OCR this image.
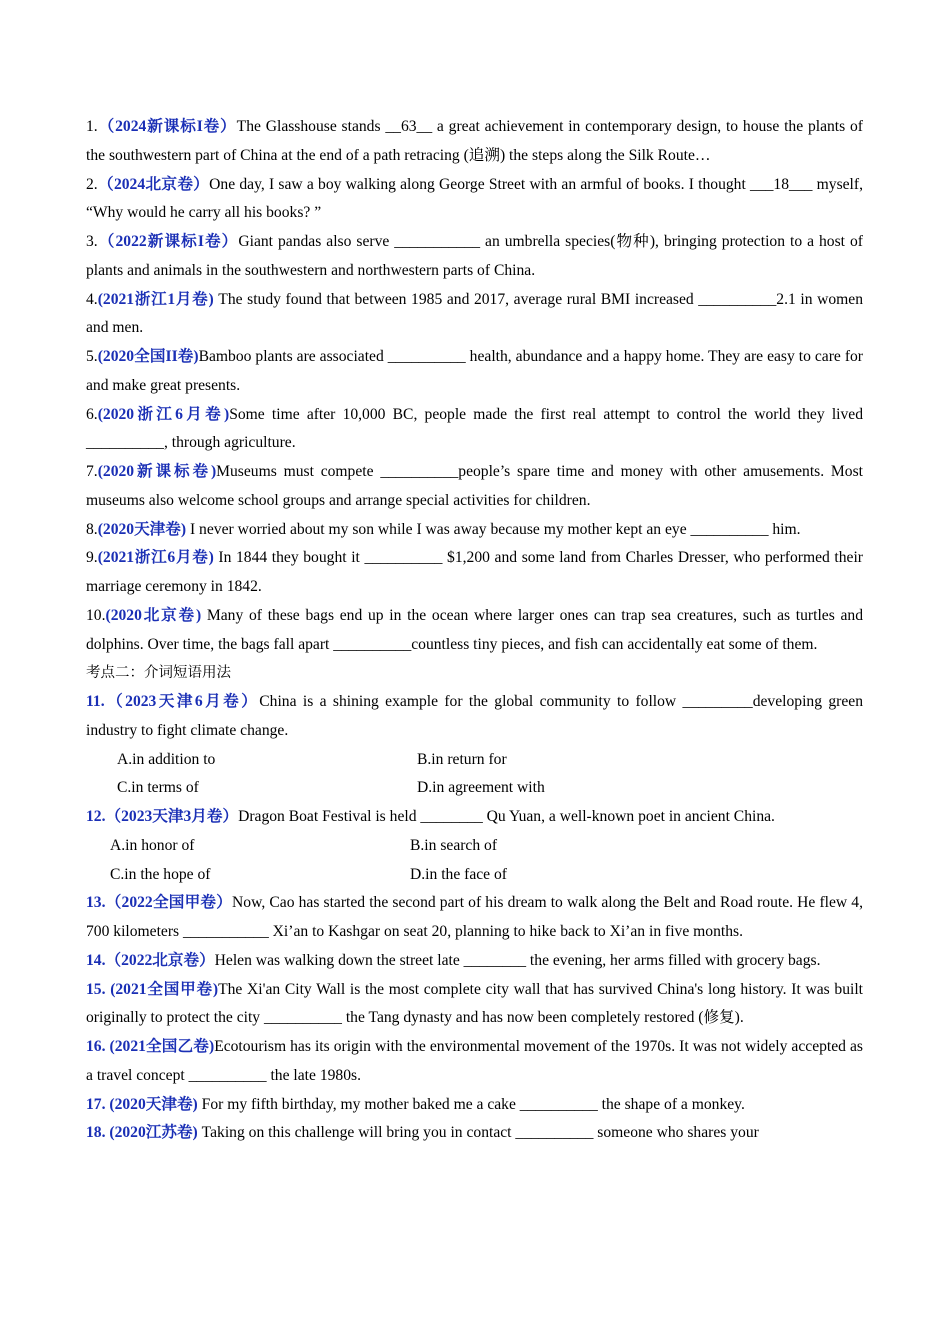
1.（2024新课标I卷）The Glasshouse stands __63__ a great achievement in contemporary design, to house the plants of the southwestern part of China at the end of a path retracing (追溯) the steps along the Silk Route…

2.（2024北京卷）One day, I saw a boy walking along George Street with an armful of books. I thought ___18___ myself, “Why would he carry all his books? ”

3.（2022新课标I卷）Giant pandas also serve ___________ an umbrella species(物种), bringing protection to a host of plants and animals in the southwestern and northwestern parts of China.

4.(2021浙江1月卷) The study found that between 1985 and 2017, average rural BMI increased __________2.1 in women and men.

5.(2020全国II卷)Bamboo plants are associated __________ health, abundance and a happy home. They are easy to care for and make great presents.

6.(2020浙江6月卷)Some time after 10,000 BC, people made the first real attempt to control the world they lived __________, through agriculture.

7.(2020新课标卷)Museums must compete __________people’s spare time and money with other amusements. Most museums also welcome school groups and arrange special activities for children.

8.(2020天津卷) I never worried about my son while I was away because my mother kept an eye __________ him.

9.(2021浙江6月卷) In 1844 they bought it __________ $1,200 and some land from Charles Dresser, who performed their marriage ceremony in 1842.

10.(2020北京卷) Many of these bags end up in the ocean where larger ones can trap sea creatures, such as turtles and dolphins. Over time, the bags fall apart __________countless tiny pieces, and fish can accidentally eat some of them.

考点二：介词短语用法

11.（2023天津6月卷）China is a shining example for the global community to follow _________developing green industry to fight climate change.

A.in addition to	B.in return for
C.in terms of	D.in agreement with

12.（2023天津3月卷）Dragon Boat Festival is held ________ Qu Yuan, a well-known poet in ancient China.

A.in honor of	B.in search of
C.in the hope of	D.in the face of

13.（2022全国甲卷）Now, Cao has started the second part of his dream to walk along the Belt and Road route. He flew 4, 700 kilometers ___________ Xi’an to Kashgar on seat 20, planning to hike back to Xi’an in five months.

14.（2022北京卷）Helen was walking down the street late ________ the evening, her arms filled with grocery bags.

15. (2021全国甲卷)The Xi'an City Wall is the most complete city wall that has survived China's long history. It was built originally to protect the city __________ the Tang dynasty and has now been completely restored (修复).

16. (2021全国乙卷)Ecotourism has its origin with the environmental movement of the 1970s. It was not widely accepted as a travel concept __________ the late 1980s.

17. (2020天津卷) For my fifth birthday, my mother baked me a cake __________ the shape of a monkey.

18. (2020江苏卷) Taking on this challenge will bring you in contact __________ someone who shares your
